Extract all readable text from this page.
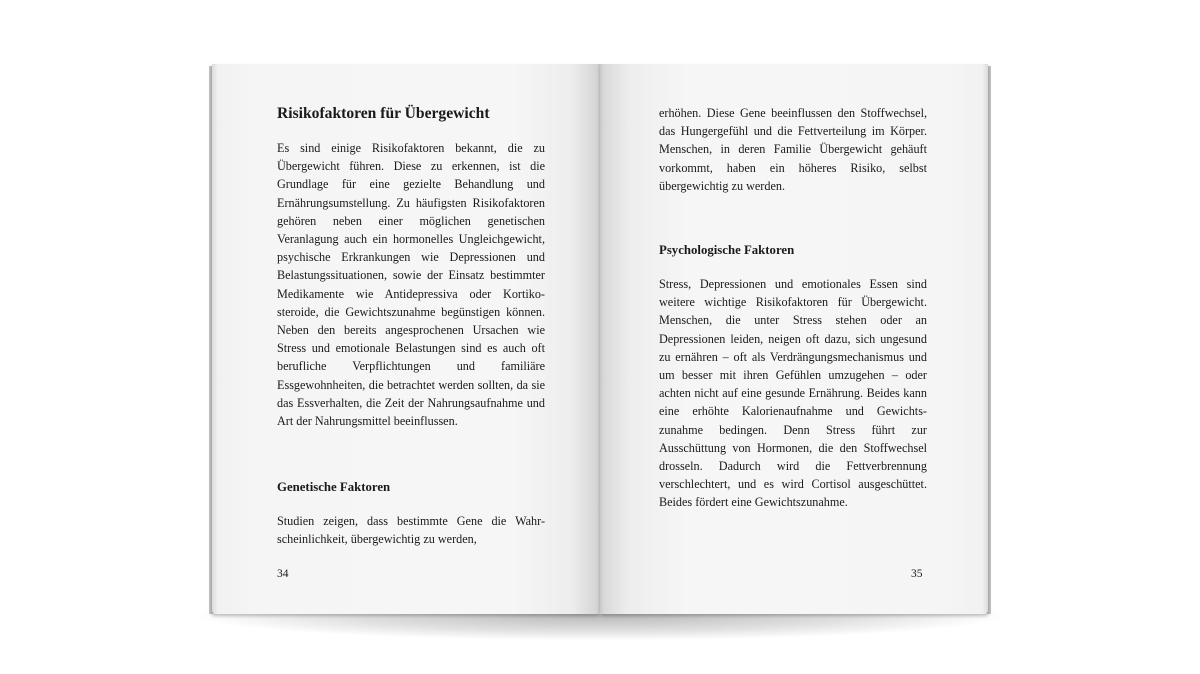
Risikofaktoren für Übergewicht

Es sind einige Risikofaktoren bekannt, die zu Übergewicht führen. Diese zu erkennen, ist die Grundlage für eine gezielte Behandlung und Ernährungsumstellung. Zu häufigsten Risikofaktoren gehören neben einer möglichen genetischen Veranlagung auch ein hormonelles Ungleichgewicht, psychische Erkrankungen wie Depressionen und Belastungssituationen, sowie der Einsatz bestimmter Medikamente wie Antidepressiva oder Kortiko-steroide, die Gewichtszunahme begünstigen können. Neben den bereits angesprochenen Ursachen wie Stress und emotionale Belastungen sind es auch oft berufliche Verpflichtungen und familiäre Essgewohnheiten, die betrachtet werden sollten, da sie das Essverhalten, die Zeit der Nahrungsaufnahme und Art der Nahrungsmittel beeinflussen.

Genetische Faktoren

Studien zeigen, dass bestimmte Gene die Wahr-scheinlichkeit, übergewichtig zu werden,

34

erhöhen. Diese Gene beeinflussen den Stoffwechsel, das Hungergefühl und die Fettverteilung im Körper. Menschen, in deren Familie Übergewicht gehäuft vorkommt, haben ein höheres Risiko, selbst übergewichtig zu werden.

Psychologische Faktoren

Stress, Depressionen und emotionales Essen sind weitere wichtige Risikofaktoren für Übergewicht. Menschen, die unter Stress stehen oder an Depressionen leiden, neigen oft dazu, sich ungesund zu ernähren – oft als Verdrängungsmechanismus und um besser mit ihren Gefühlen umzugehen – oder achten nicht auf eine gesunde Ernährung. Beides kann eine erhöhte Kalorienaufnahme und Gewichts-zunahme bedingen. Denn Stress führt zur Ausschüttung von Hormonen, die den Stoffwechsel drosseln. Dadurch wird die Fettverbrennung verschlechtert, und es wird Cortisol ausgeschüttet. Beides fördert eine Gewichtszunahme.

35
